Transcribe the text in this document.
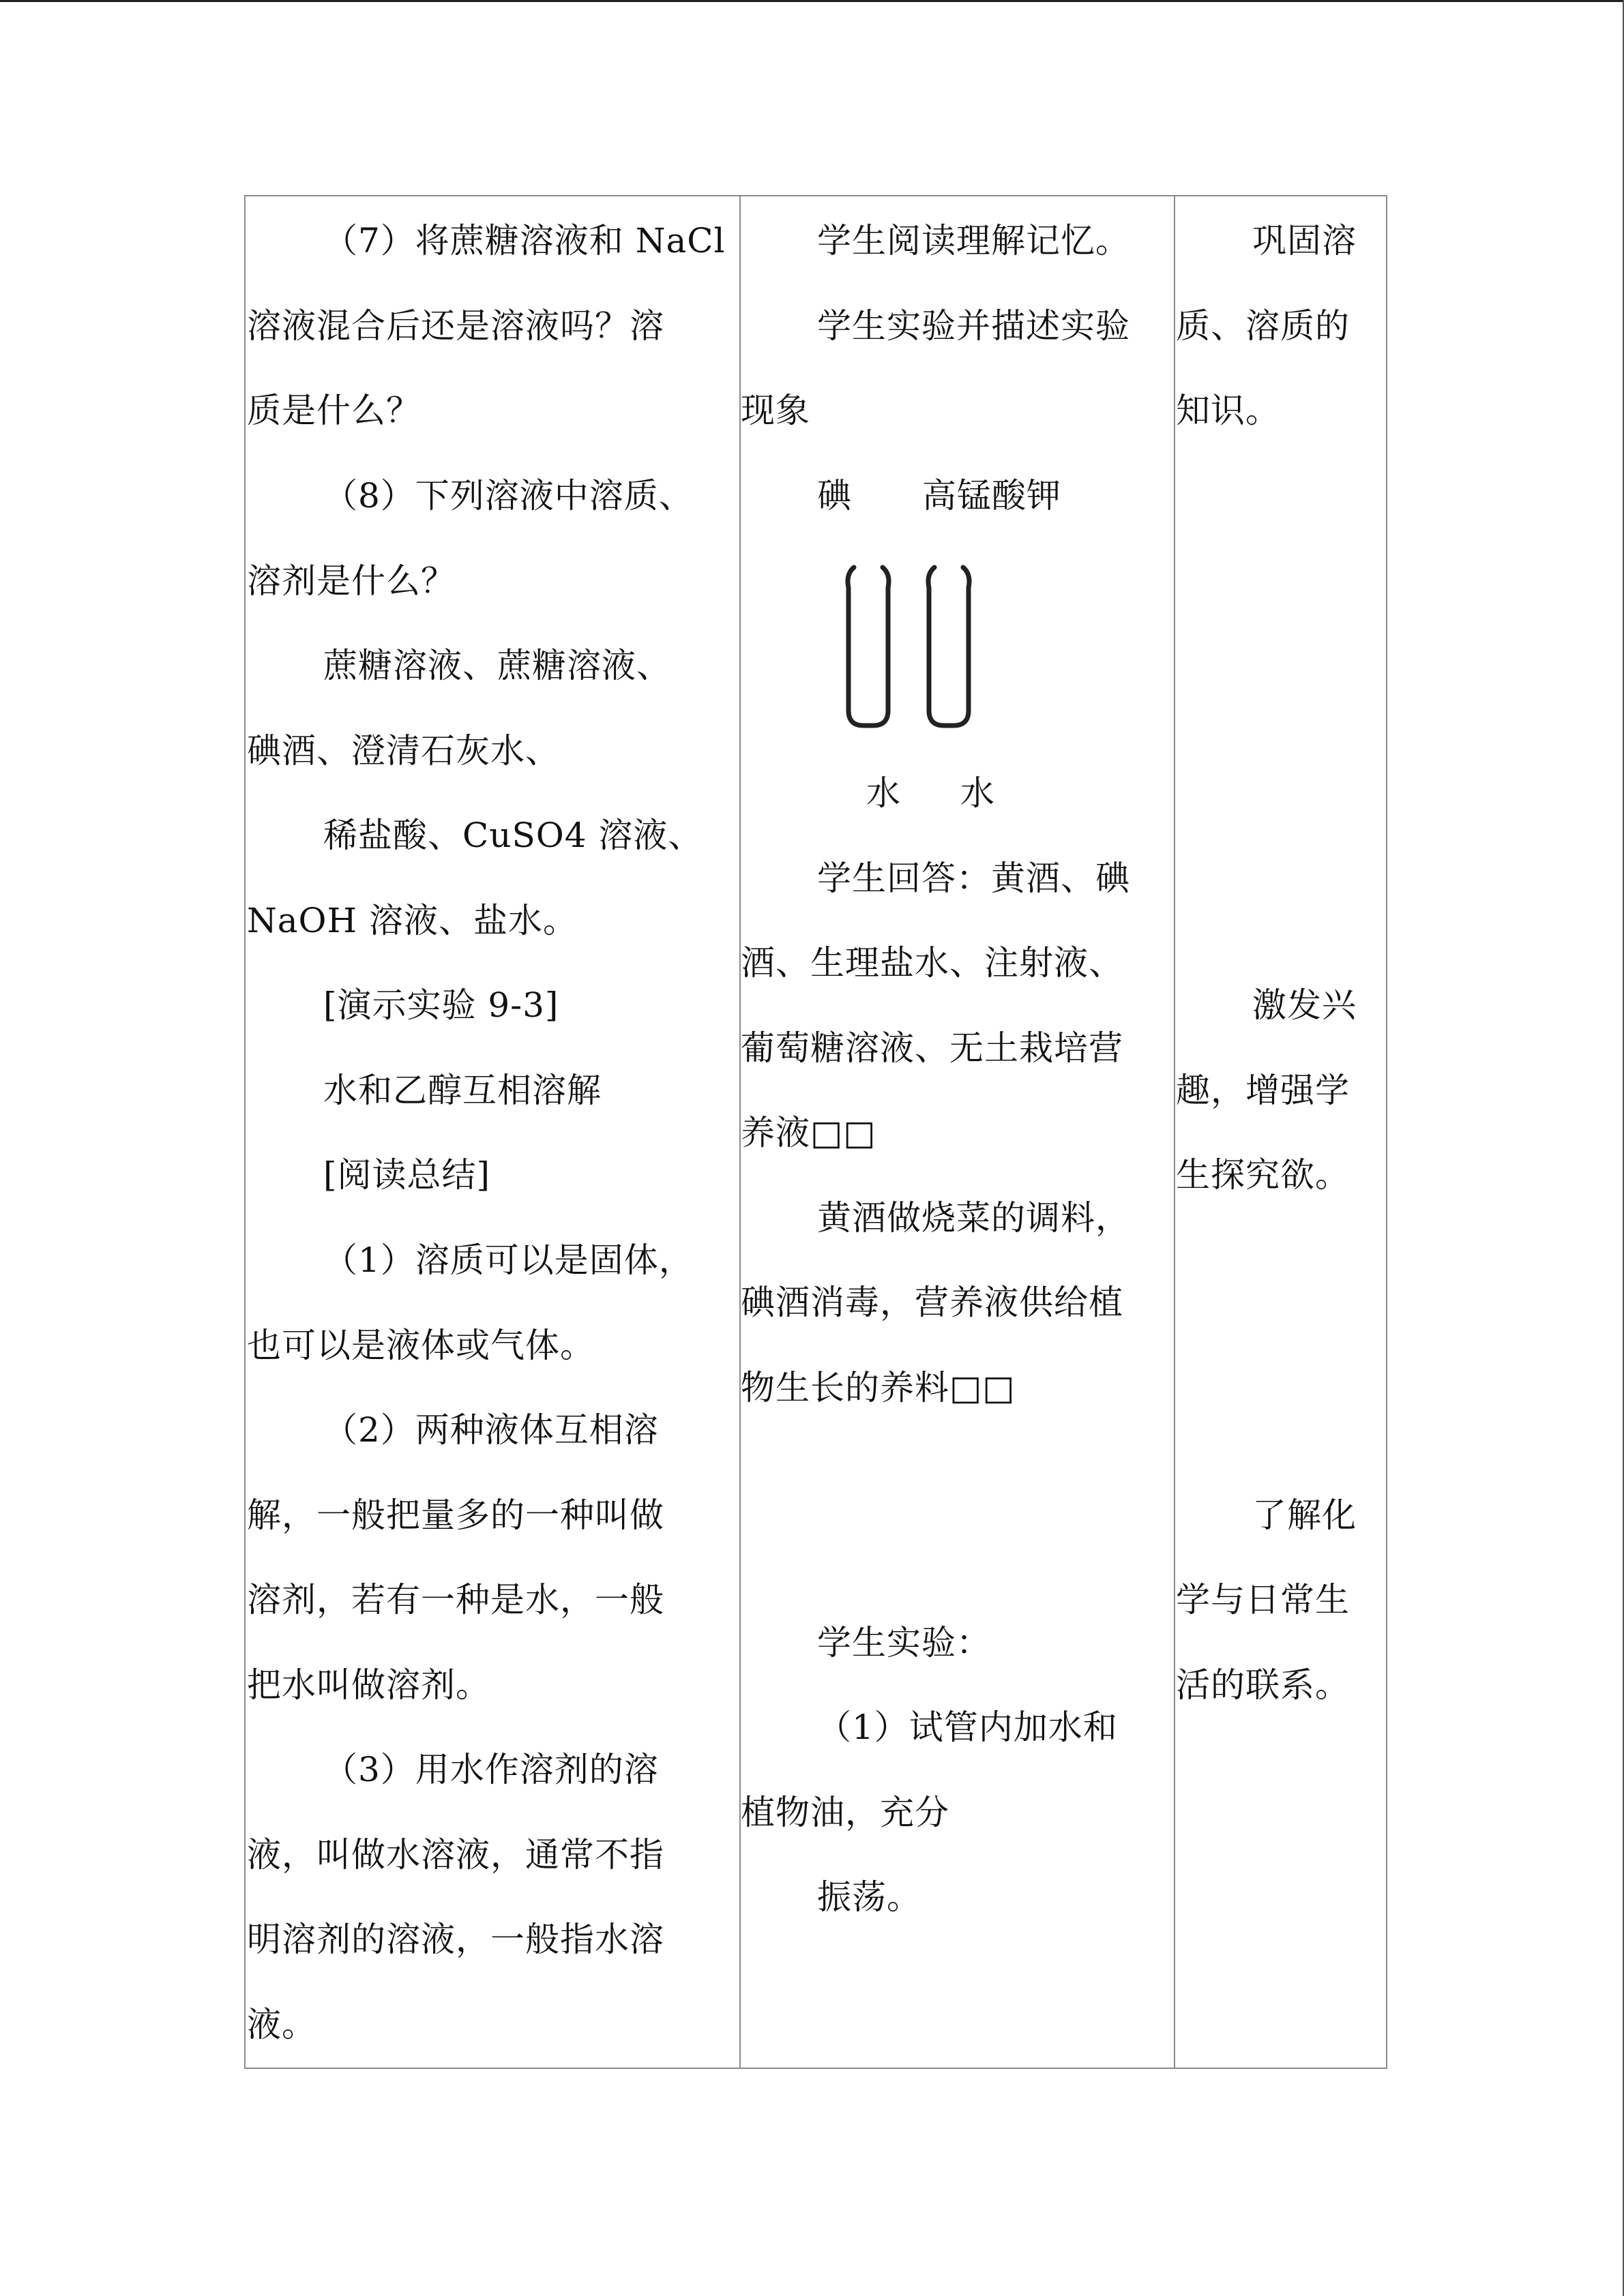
（7）将蔗糖溶液和 NaCl
溶液混合后还是溶液吗？溶
质是什么？
（8）下列溶液中溶质、
溶剂是什么？
蔗糖溶液、蔗糖溶液、
碘酒、澄清石灰水、
稀盐酸、CuSO4 溶液、
NaOH 溶液、盐水。
[演示实验 9-3]
水和乙醇互相溶解
[阅读总结]
（1）溶质可以是固体，
也可以是液体或气体。
（2）两种液体互相溶
解，一般把量多的一种叫做
溶剂，若有一种是水，一般
把水叫做溶剂。
（3）用水作溶剂的溶
液，叫做水溶液，通常不指
明溶剂的溶液，一般指水溶
液。
学生阅读理解记忆。
学生实验并描述实验
现象
碘 高锰酸钾
水 水
学生回答：黄酒、碘
酒、生理盐水、注射液、
葡萄糖溶液、无土栽培营
养液□□
黄酒做烧菜的调料，
碘酒消毒，营养液供给植
物生长的养料□□
学生实验：
（1）试管内加水和
植物油，充分
振荡。
巩固溶
质、溶质的
知识。
激发兴
趣，增强学
生探究欲。
了解化
学与日常生
活的联系。
